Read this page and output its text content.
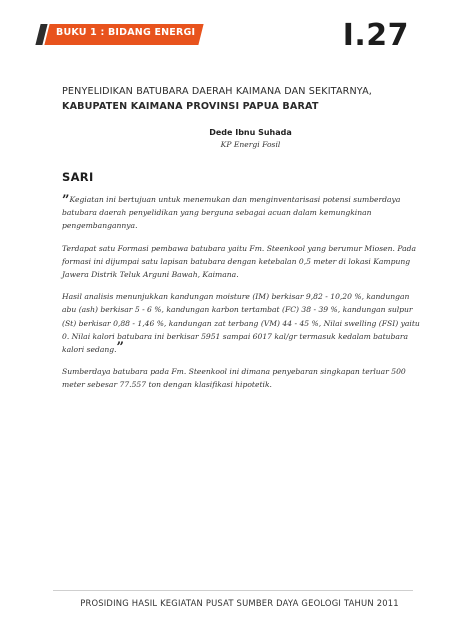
BUKU 1 : BIDANG ENERGI	I.27
PENYELIDIKAN BATUBARA DAERAH KAIMANA DAN SEKITARNYA, KABUPATEN KAIMANA PROVINSI PAPUA BARAT
Dede Ibnu Suhada
KP Energi Fosil
SARI

”Kegiatan ini bertujuan untuk menemukan dan menginventarisasi potensi sumberdaya batubara daerah penyelidikan yang berguna sebagai acuan dalam kemungkinan pengembangannya.

Terdapat satu Formasi pembawa batubara yaitu Fm. Steenkool yang berumur Miosen. Pada formasi ini dijumpai satu lapisan batubara dengan ketebalan 0,5 meter di lokasi Kampung Jawera Distrik Teluk Arguni Bawah, Kaimana.

Hasil analisis menunjukkan kandungan moisture (IM) berkisar 9,82 - 10,20 %, kandungan abu (ash) berkisar 5 - 6 %, kandungan karbon tertambat (FC) 38 - 39 %, kandungan sulpur (St) berkisar 0,88 - 1,46 %, kandungan zat terbang (VM) 44 - 45 %, Nilai swelling (FSI) yaitu 0. Nilai kalori batubara ini berkisar 5951 sampai 6017 kal/gr termasuk kedalam batubara kalori sedang.”

Sumberdaya batubara pada Fm. Steenkool ini dimana penyebaran singkapan terluar 500 meter sebesar 77.557 ton dengan klasifikasi hipotetik.

PROSIDING HASIL KEGIATAN PUSAT SUMBER DAYA GEOLOGI TAHUN 2011
